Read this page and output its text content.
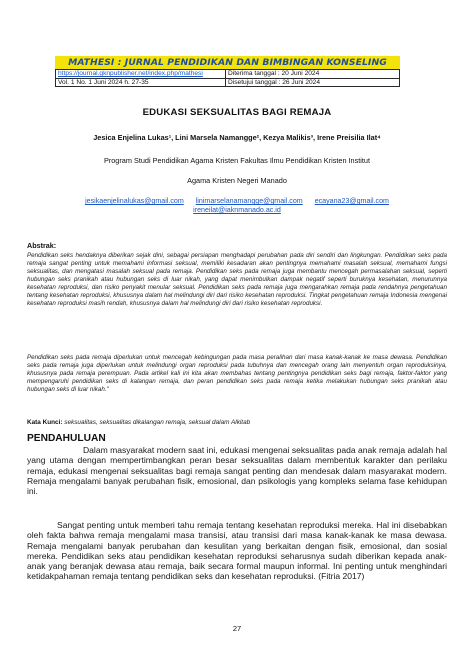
MATHESI : JURNAL PENDIDIKAN DAN BIMBINGAN KONSELING
https://journal.gknpublisher.net/index.php/mathesi	Diterima tanggal : 20 Juni 2024
Vol. 1 No. 1 Juni 2024 h. 27-35	Disetujui tanggal : 26 Juni 2024
EDUKASI SEKSUALITAS BAGI REMAJA
Jesica Enjelina Lukas¹, Lini Marsela Namangge², Kezya Malikis³, Irene Preisilia Ilat⁴
Program Studi Pendidikan Agama Kristen Fakultas Ilmu Pendidikan Kristen Institut
Agama Kristen Negeri Manado
jesikaenjelinalukas@gmail.com linimarselanamangge@gmail.com ecayana23@gmail.com
ireneilat@iaknmanado.ac.id
Abstrak:
Pendidikan seks hendaknya diberikan sejak dini, sebagai persiapan menghadapi perubahan pada diri sendiri dan lingkungan. Pendidikan seks pada remaja sangat penting untuk memahami informasi seksual, memiliki kesadaran akan pentingnya memahami masalah seksual, memahami fungsi seksualitas, dan mengatasi masalah seksual pada remaja. Pendidikan seks pada remaja juga membantu mencegah permasalahan seksual, seperti hubungan seks pranikah atau hubungan seks di luar nikah, yang dapat menimbulkan dampak negatif seperti buruknya kesehatan, menurunnya kesehatan reproduksi, dan risiko penyakit menular seksual. Pendidikan seks pada remaja juga mengarahkan remaja pada rendahnya pengetahuan tentang kesehatan reproduksi, khususnya dalam hal melindungi diri dari risiko kesehatan reproduksi. Tingkat pengetahuan remaja Indonesia mengenai kesehatan reproduksi masih rendah, khususnya dalam hal melindungi diri dari risiko kesehatan reproduksi.
Pendidikan seks pada remaja diperlukan untuk mencegah kebingungan pada masa peralihan dari masa kanak-kanak ke masa dewasa. Pendidikan seks pada remaja juga diperlukan untuk melindungi organ reproduksi pada tubuhnya dan mencegah orang lain menyentuh organ reproduksinya, khususnya pada remaja perempuan. Pada artikel kali ini kita akan membahas tentang pentingnya pendidikan seks bagi remaja, faktor-faktor yang mempengaruhi pendidikan seks di kalangan remaja, dan peran pendidikan seks pada remaja ketika melakukan hubungan seks pranikah atau hubungan seks di luar nikah."
Kata Kunci: seksualitas, seksualitas dikalangan remaja, seksual dalam Alkitab
PENDAHULUAN
Dalam masyarakat modern saat ini, edukasi mengenai seksualitas pada anak remaja adalah hal yang utama dengan mempertimbangkan peran besar seksualitas dalam membentuk karakter dan perilaku remaja, edukasi mengenai seksualitas bagi remaja sangat penting dan mendesak dalam masyarakat modern. Remaja mengalami banyak perubahan fisik, emosional, dan psikologis yang kompleks selama fase kehidupan ini.
Sangat penting untuk memberi tahu remaja tentang kesehatan reproduksi mereka. Hal ini disebabkan oleh fakta bahwa remaja mengalami masa transisi, atau transisi dari masa kanak-kanak ke masa dewasa. Remaja mengalami banyak perubahan dan kesulitan yang berkaitan dengan fisik, emosional, dan sosial mereka. Pendidikan seks atau pendidikan kesehatan reproduksi seharusnya sudah diberikan kepada anak-anak yang beranjak dewasa atau remaja, baik secara formal maupun informal. Ini penting untuk menghindari ketidakpahaman remaja tentang pendidikan seks dan kesehatan reproduksi. (Fitria 2017)
27
